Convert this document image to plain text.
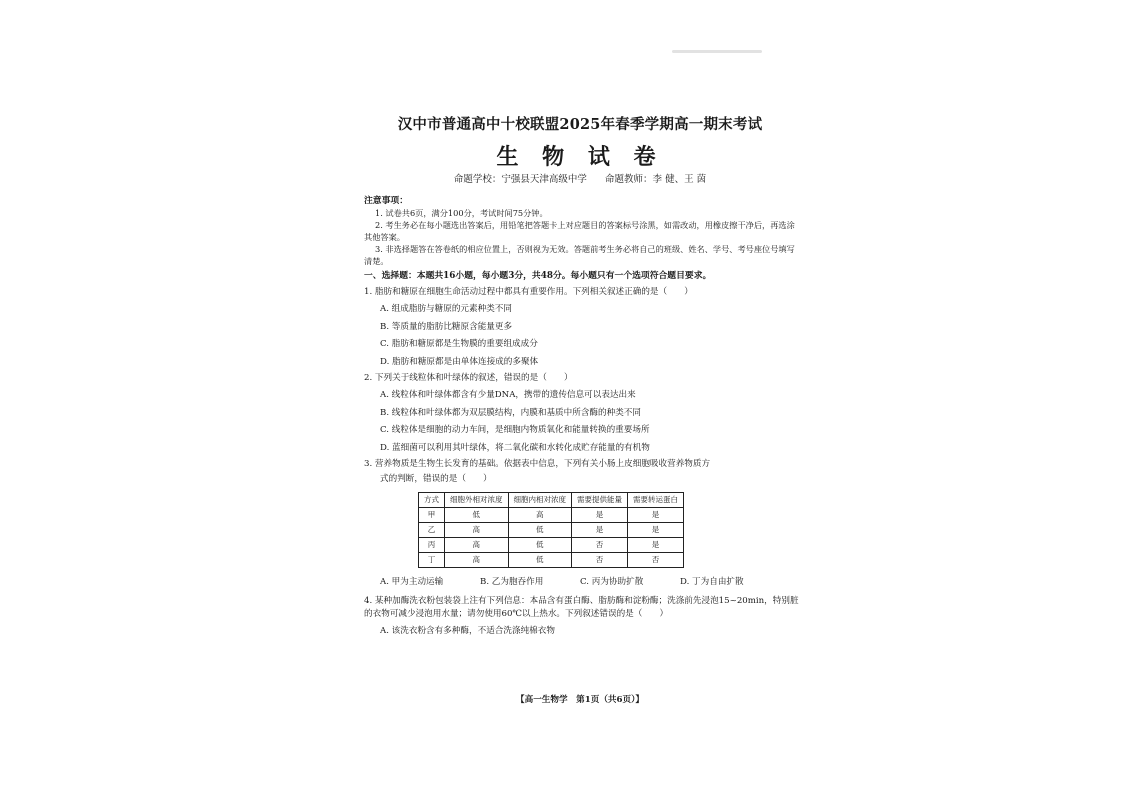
汉中市普通高中十校联盟2025年春季学期高一期末考试
生 物 试 卷
命题学校：宁强县天津高级中学 命题教师：李 健、王 茵

注意事项：

1. 试卷共6页，满分100分，考试时间75分钟。

2. 考生务必在每小题选出答案后，用铅笔把答题卡上对应题目的答案标号涂黑，如需改动，用橡皮擦干净后，再选涂其他答案。

3. 非选择题答在答卷纸的相应位置上，否则视为无效。答题前考生务必将自己的班级、姓名、学号、考号座位号填写清楚。

一、选择题：本题共16小题，每小题3分，共48分。每小题只有一个选项符合题目要求。

1. 脂肪和糖原在细胞生命活动过程中都具有重要作用。下列相关叙述正确的是（　　）

A. 组成脂肪与糖原的元素种类不同

B. 等质量的脂肪比糖原含能量更多

C. 脂肪和糖原都是生物膜的重要组成成分

D. 脂肪和糖原都是由单体连接成的多聚体

2. 下列关于线粒体和叶绿体的叙述，错误的是（　　）

A. 线粒体和叶绿体都含有少量DNA，携带的遗传信息可以表达出来

B. 线粒体和叶绿体都为双层膜结构，内膜和基质中所含酶的种类不同

C. 线粒体是细胞的动力车间，是细胞内物质氧化和能量转换的重要场所

D. 蓝细菌可以利用其叶绿体，将二氧化碳和水转化成贮存能量的有机物

3. 营养物质是生物生长发育的基础。依据表中信息，下列有关小肠上皮细胞吸收营养物质方

式的判断，错误的是（　　）

方式	细胞外相对浓度	细胞内相对浓度	需要提供能量	需要转运蛋白
甲	低	高	是	是
乙	高	低	是	是
丙	高	低	否	是
丁	高	低	否	否
A. 甲为主动运输	B. 乙为胞吞作用	C. 丙为协助扩散	D. 丁为自由扩散

4. 某种加酶洗衣粉包装袋上注有下列信息：本品含有蛋白酶、脂肪酶和淀粉酶；洗涤前先浸泡15~20min，特别脏的衣物可减少浸泡用水量；请勿使用60℃以上热水。下列叙述错误的是（　　）

A. 该洗衣粉含有多种酶，不适合洗涤纯棉衣物

【高一生物学　第1页（共6页）】
